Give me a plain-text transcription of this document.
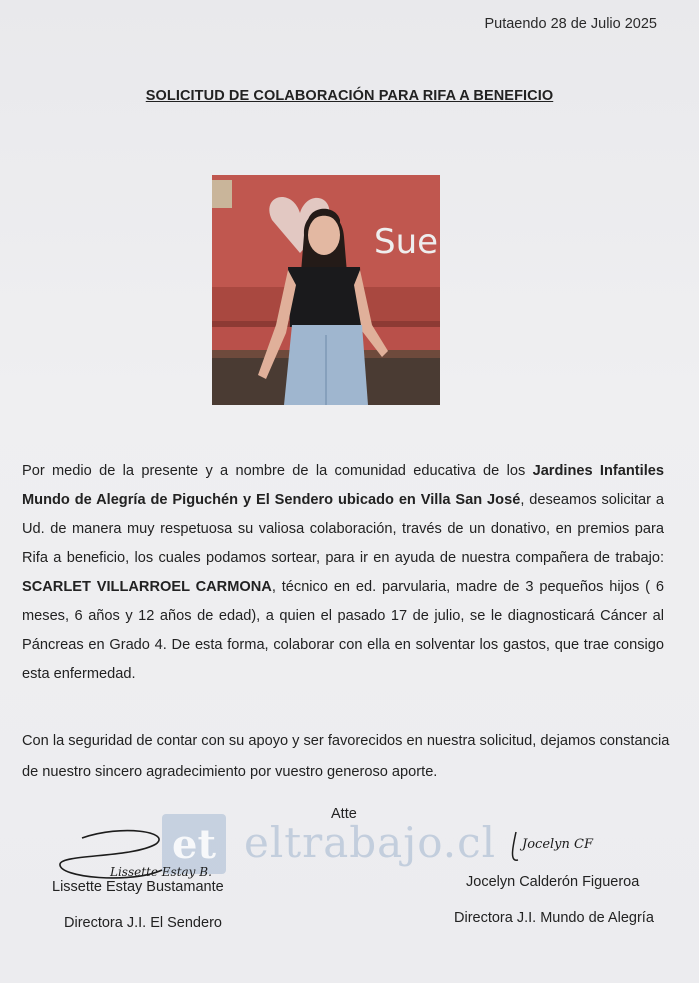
Putaendo 28 de Julio 2025
SOLICITUD DE COLABORACIÓN PARA RIFA A BENEFICIO
Sue
Por medio de la presente y a nombre de la comunidad educativa de los Jardines Infantiles Mundo de Alegría de Piguchén y El Sendero ubicado en Villa San José, deseamos solicitar a Ud. de manera muy respetuosa su valiosa colaboración, través de un donativo, en premios para Rifa a beneficio, los cuales podamos sortear, para ir en ayuda de nuestra compañera de trabajo: SCARLET VILLARROEL CARMONA, técnico en ed. parvularia, madre de 3 pequeños hijos ( 6 meses, 6 años y 12 años de edad), a quien el pasado 17 de julio, se le diagnosticará Cáncer al Páncreas en Grado 4. De esta forma, colaborar con ella en solventar los gastos, que trae consigo esta enfermedad.
Con la seguridad de contar con su apoyo y ser favorecidos en nuestra solicitud, dejamos constancia de nuestro sincero agradecimiento por vuestro generoso aporte.
Atte
et eltrabajo.cl
Lissette Estay B.
Jocelyn CF
Lissette Estay Bustamante
Directora J.I. El Sendero
Jocelyn Calderón Figueroa
Directora J.I. Mundo de Alegría
